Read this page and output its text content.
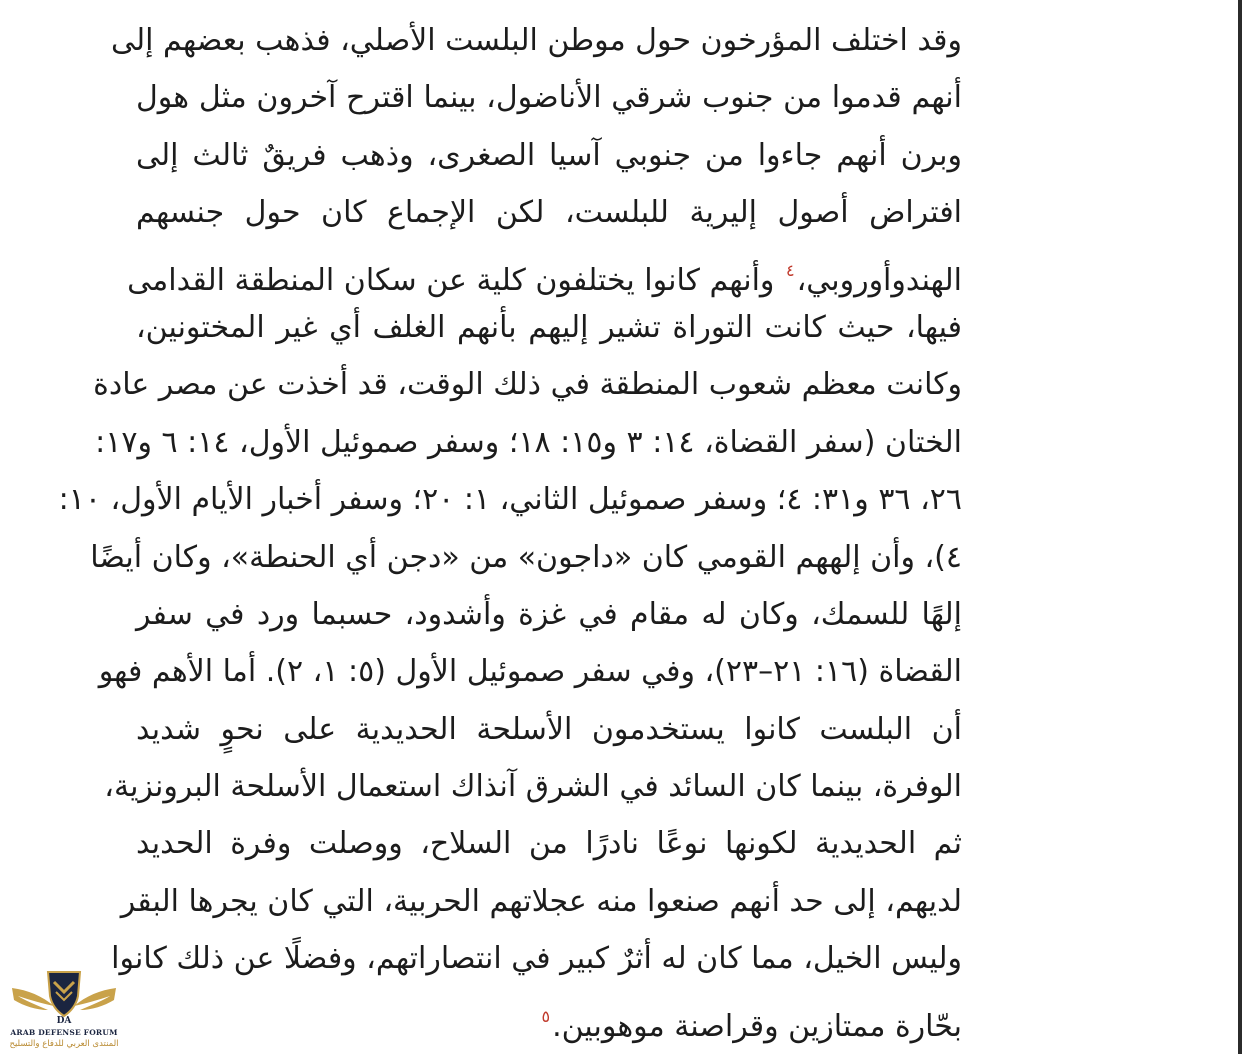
وقد اختلف المؤرخون حول موطن البلست الأصلي، فذهب بعضهم إلى
أنهم قدموا من جنوب شرقي الأناضول، بينما اقترح آخرون مثل هول
وبرن أنهم جاءوا من جنوبي آسيا الصغرى، وذهب فريقٌ ثالث إلى
افتراض أصول إليرية للبلست، لكن الإجماع كان حول جنسهم
الهندوأوروبي،$^٤$ وأنهم كانوا يختلفون كلية عن سكان المنطقة القدامى
فيها، حيث كانت التوراة تشير إليهم بأنهم الغلف أي غير المختونين،
وكانت معظم شعوب المنطقة في ذلك الوقت، قد أخذت عن مصر عادة
الختان (سفر القضاة، ١٤: ٣ و١٥: ١٨؛ وسفر صموئيل الأول، ١٤: ٦ و١٧:
٢٦، ٣٦ و٣١: ٤؛ وسفر صموئيل الثاني، ١: ٢٠؛ وسفر أخبار الأيام الأول، ١٠:
٤)، وأن إلههم القومي كان «داجون» من «دجن أي الحنطة»، وكان أيضًا
إلهًا للسمك، وكان له مقام في غزة وأشدود، حسبما ورد في سفر
القضاة (١٦: ٢١–٢٣)، وفي سفر صموئيل الأول (٥: ١، ٢). أما الأهم فهو
أن البلست كانوا يستخدمون الأسلحة الحديدية على نحوٍ شديد
الوفرة، بينما كان السائد في الشرق آنذاك استعمال الأسلحة البرونزية،
ثم الحديدية لكونها نوعًا نادرًا من السلاح، ووصلت وفرة الحديد
لديهم، إلى حد أنهم صنعوا منه عجلاتهم الحربية، التي كان يجرها البقر
وليس الخيل، مما كان له أثرٌ كبير في انتصاراتهم، وفضلًا عن ذلك كانوا
بحّارة ممتازين وقراصنة موهوبين.$^٥$
DA
ARAB DEFENSE FORUM
المنتدى العربي للدفاع والتسليح
